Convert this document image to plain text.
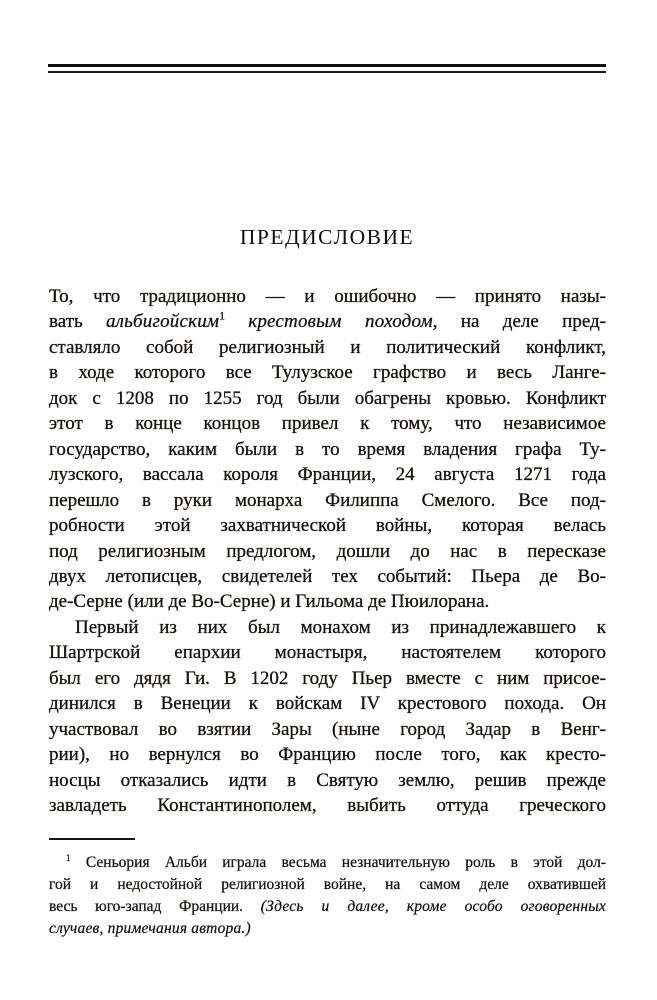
ПРЕДИСЛОВИЕ
То, что традиционно — и ошибочно — принято назы-
вать альбигойским$^1$ крестовым походом, на деле пред-
ставляло собой религиозный и политический конфликт,
в ходе которого все Тулузское графство и весь Ланге-
док с 1208 по 1255 год были обагрены кровью. Конфликт
этот в конце концов привел к тому, что независимое
государство, каким были в то время владения графа Ту-
лузского, вассала короля Франции, 24 августа 1271 года
перешло в руки монарха Филиппа Смелого. Все под-
робности этой захватнической войны, которая велась
под религиозным предлогом, дошли до нас в пересказе
двух летописцев, свидетелей тех событий: Пьера де Во-
де-Серне (или де Во-Серне) и Гильома де Пюилорана.
Первый из них был монахом из принадлежавшего к
Шартрской епархии монастыря, настоятелем которого
был его дядя Ги. В 1202 году Пьер вместе с ним присое-
динился в Венеции к войскам IV крестового похода. Он
участвовал во взятии Зары (ныне город Задар в Венг-
рии), но вернулся во Францию после того, как кресто-
носцы отказались идти в Святую землю, решив прежде
завладеть Константинополем, выбить оттуда греческого
$^1$ Сеньория Альби играла весьма незначительную роль в этой дол-
гой и недостойной религиозной войне, на самом деле охватившей
весь юго-запад Франции. (Здесь и далее, кроме особо оговоренных
случаев, примечания автора.)
